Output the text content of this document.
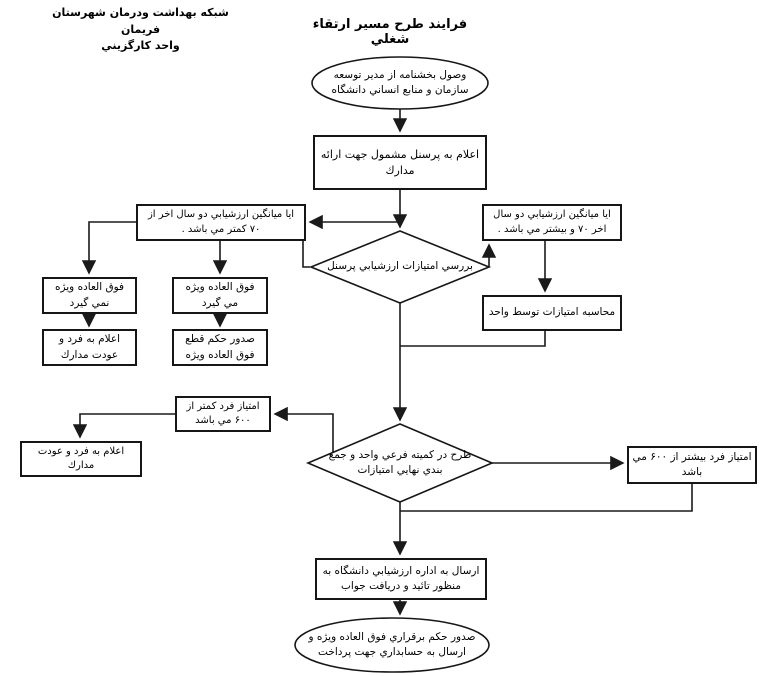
شبكه بهداشت ودرمان شهرستان فريمان
واحد كارگزيني
فرايند طرح مسير ارتقاء شغلي
وصول بخشنامه از مدير توسعه سازمان و منابع انساني دانشگاه
بررسي امتيازات ارزشيابي پرسنل
طرح در كميته فرعي واحد و جمع بندي نهايي امتيازات
صدور حكم برقراري فوق العاده ويژه و ارسال به حسابداري جهت پرداخت
اعلام به پرسنل مشمول جهت ارائه مدارك
ايا ميانگين ارزشيابي دو سال اخر از ۷۰ كمتر مي باشد .
ايا ميانگين ارزشيابي دو سال اخر ۷۰ و بيشتر مي باشد .
فوق العاده ويژه نمي گيرد
اعلام به فرد و عودت مدارك
فوق العاده ويژه مي گيرد
صدور حكم قطع فوق العاده ويژه
محاسبه امتيازات توسط واحد
امتياز فرد كمتر از ۶۰۰ مي باشد
اعلام به فرد و عودت مدارك
امتياز فرد بيشتر از ۶۰۰ مي باشد
ارسال به اداره ارزشيابي دانشگاه به منظور تائيد و دريافت جواب
